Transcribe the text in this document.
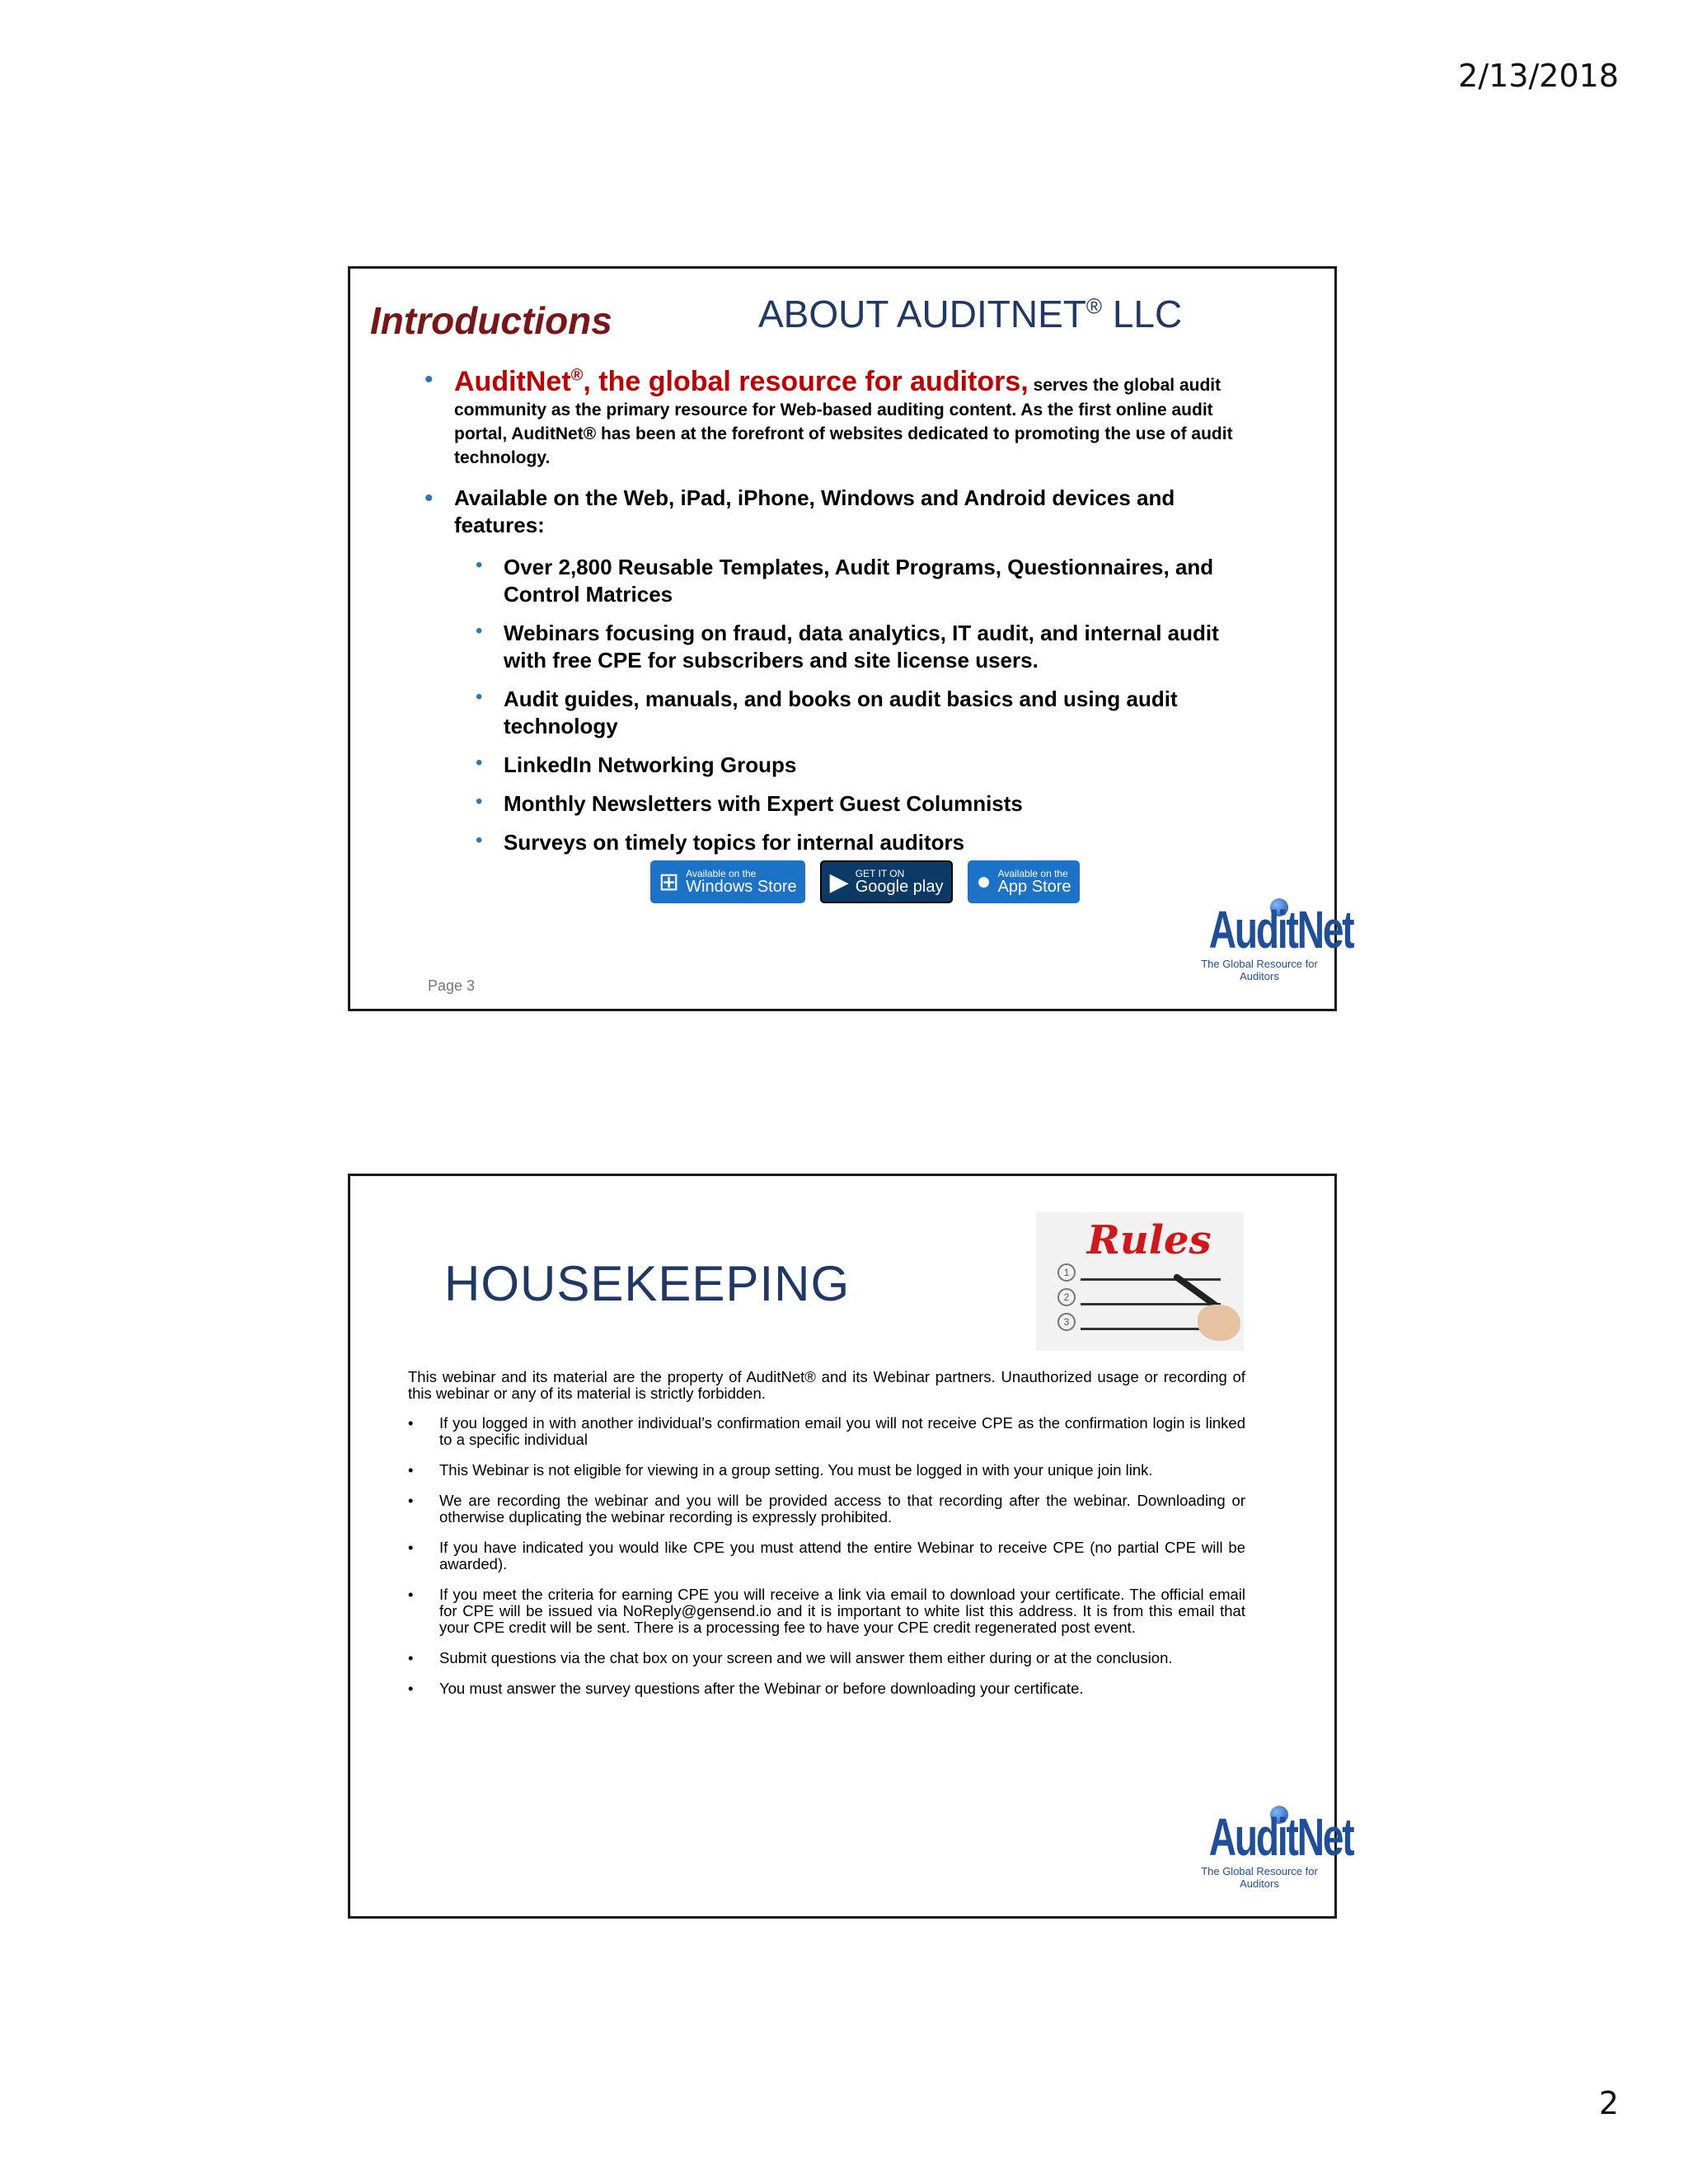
2/13/2018
Introductions	ABOUT AUDITNET® LLC
• AuditNet®, the global resource for auditors, serves the global audit community as the primary resource for Web-based auditing content. As the first online audit portal, AuditNet® has been at the forefront of websites dedicated to promoting the use of audit technology.
• Available on the Web, iPad, iPhone, Windows and Android devices and features:
• Over 2,800 Reusable Templates, Audit Programs, Questionnaires, and Control Matrices
• Webinars focusing on fraud, data analytics, IT audit, and internal audit with free CPE for subscribers and site license users.
• Audit guides, manuals, and books on audit basics and using audit technology
• LinkedIn Networking Groups
• Monthly Newsletters with Expert Guest Columnists
• Surveys on timely topics for internal auditors
⊞ Available on the
Windows Store ▶ GET IT ON
Google play ● Available on the
App Store
AuditNet
The Global Resource for Auditors
Page 3
HOUSEKEEPING
Rules
1
2
3
This webinar and its material are the property of AuditNet® and its Webinar partners. Unauthorized usage or recording of this webinar or any of its material is strictly forbidden.
• If you logged in with another individual’s confirmation email you will not receive CPE as the confirmation login is linked to a specific individual
• This Webinar is not eligible for viewing in a group setting. You must be logged in with your unique join link.
• We are recording the webinar and you will be provided access to that recording after the webinar. Downloading or otherwise duplicating the webinar recording is expressly prohibited.
• If you have indicated you would like CPE you must attend the entire Webinar to receive CPE (no partial CPE will be awarded).
• If you meet the criteria for earning CPE you will receive a link via email to download your certificate. The official email for CPE will be issued via NoReply@gensend.io and it is important to white list this address. It is from this email that your CPE credit will be sent. There is a processing fee to have your CPE credit regenerated post event.
• Submit questions via the chat box on your screen and we will answer them either during or at the conclusion.
• You must answer the survey questions after the Webinar or before downloading your certificate.
AuditNet
The Global Resource for Auditors
2
